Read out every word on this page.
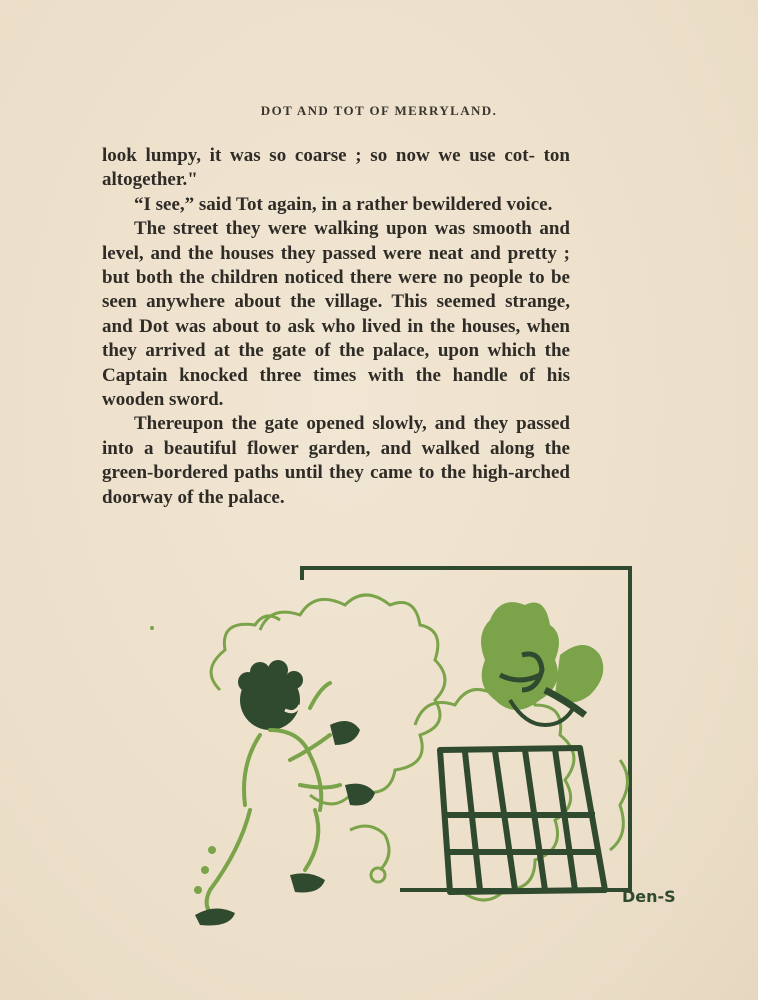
DOT AND TOT OF MERRYLAND.

look lumpy, it was so coarse ; so now we use cot- ton altogether."

“I see,” said Tot again, in a rather bewildered voice.

The street they were walking upon was smooth and level, and the houses they passed were neat and pretty ; but both the children noticed there were no people to be seen anywhere about the village. This seemed strange, and Dot was about to ask who lived in the houses, when they arrived at the gate of the palace, upon which the Captain knocked three times with the handle of his wooden sword.

Thereupon the gate opened slowly, and they passed into a beautiful flower garden, and walked along the green-bordered paths until they came to the high-arched doorway of the palace.

Den-S
